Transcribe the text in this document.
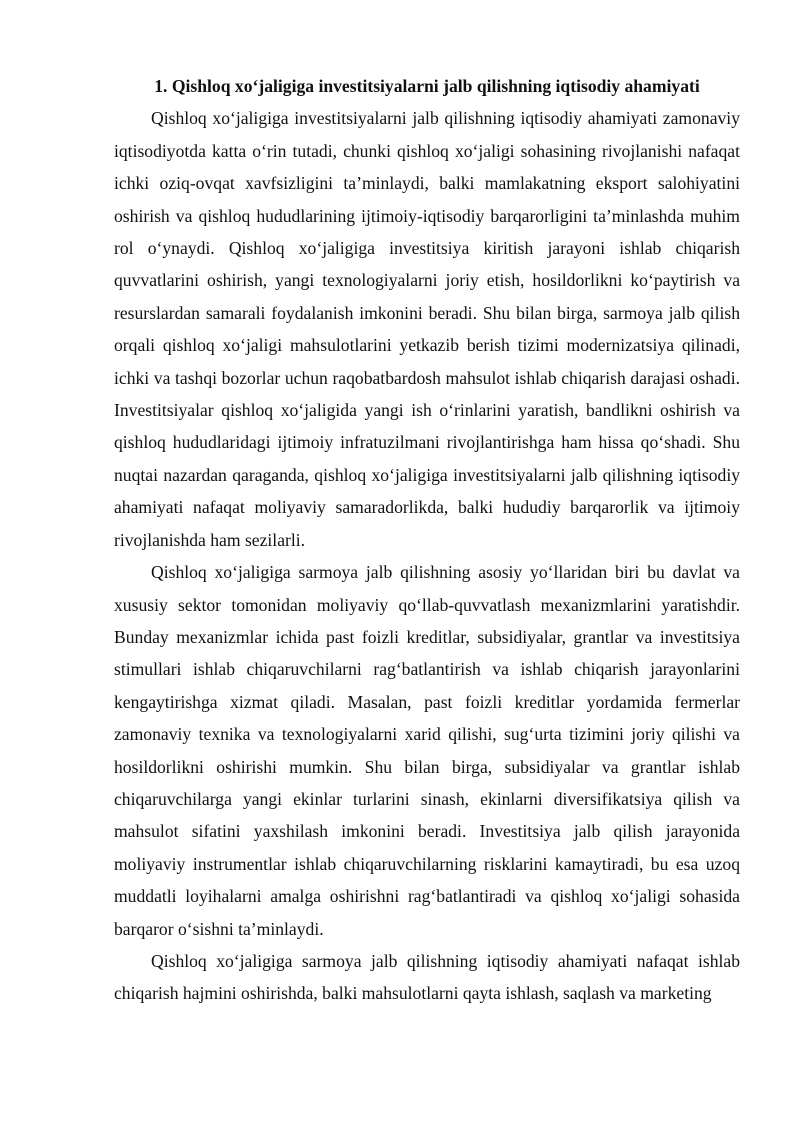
1. Qishloq xo‘jaligiga investitsiyalarni jalb qilishning iqtisodiy ahamiyati

Qishloq xo‘jaligiga investitsiyalarni jalb qilishning iqtisodiy ahamiyati zamonaviy iqtisodiyotda katta o‘rin tutadi, chunki qishloq xo‘jaligi sohasining rivojlanishi nafaqat ichki oziq-ovqat xavfsizligini ta’minlaydi, balki mamlakatning eksport salohiyatini oshirish va qishloq hududlarining ijtimoiy-iqtisodiy barqarorligini ta’minlashda muhim rol o‘ynaydi. Qishloq xo‘jaligiga investitsiya kiritish jarayoni ishlab chiqarish quvvatlarini oshirish, yangi texnologiyalarni joriy etish, hosildorlikni ko‘paytirish va resurslardan samarali foydalanish imkonini beradi. Shu bilan birga, sarmoya jalb qilish orqali qishloq xo‘jaligi mahsulotlarini yetkazib berish tizimi modernizatsiya qilinadi, ichki va tashqi bozorlar uchun raqobatbardosh mahsulot ishlab chiqarish darajasi oshadi. Investitsiyalar qishloq xo‘jaligida yangi ish o‘rinlarini yaratish, bandlikni oshirish va qishloq hududlaridagi ijtimoiy infratuzilmani rivojlantirishga ham hissa qo‘shadi. Shu nuqtai nazardan qaraganda, qishloq xo‘jaligiga investitsiyalarni jalb qilishning iqtisodiy ahamiyati nafaqat moliyaviy samaradorlikda, balki hududiy barqarorlik va ijtimoiy rivojlanishda ham sezilarli.

Qishloq xo‘jaligiga sarmoya jalb qilishning asosiy yo‘llaridan biri bu davlat va xususiy sektor tomonidan moliyaviy qo‘llab-quvvatlash mexanizmlarini yaratishdir. Bunday mexanizmlar ichida past foizli kreditlar, subsidiyalar, grantlar va investitsiya stimullari ishlab chiqaruvchilarni rag‘batlantirish va ishlab chiqarish jarayonlarini kengaytirishga xizmat qiladi. Masalan, past foizli kreditlar yordamida fermerlar zamonaviy texnika va texnologiyalarni xarid qilishi, sug‘urta tizimini joriy qilishi va hosildorlikni oshirishi mumkin. Shu bilan birga, subsidiyalar va grantlar ishlab chiqaruvchilarga yangi ekinlar turlarini sinash, ekinlarni diversifikatsiya qilish va mahsulot sifatini yaxshilash imkonini beradi. Investitsiya jalb qilish jarayonida moliyaviy instrumentlar ishlab chiqaruvchilarning risklarini kamaytiradi, bu esa uzoq muddatli loyihalarni amalga oshirishni rag‘batlantiradi va qishloq xo‘jaligi sohasida barqaror o‘sishni ta’minlaydi.

Qishloq xo‘jaligiga sarmoya jalb qilishning iqtisodiy ahamiyati nafaqat ishlab chiqarish hajmini oshirishda, balki mahsulotlarni qayta ishlash, saqlash va marketing
